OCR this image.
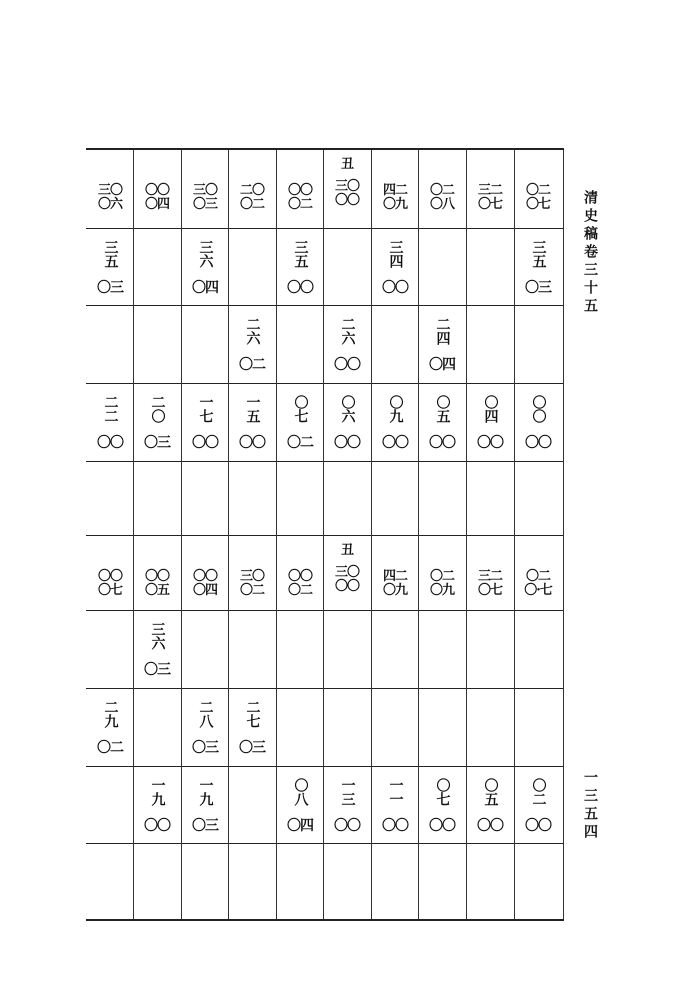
三〇
〇六
〇〇
〇四
三〇
〇三
二〇
〇二
〇〇
〇二
丑
三〇
〇〇
四二
〇九
〇二
〇八
三二
〇七
〇二
〇七
三五
〇三
三六
〇四
三五
〇〇
三四
〇〇
三五
〇三
二六
〇二
二六
〇〇
二四
〇四
二二
〇〇
二〇
〇三
一七
〇〇
一五
〇〇
〇七
〇二
〇六
〇〇
〇九
〇〇
〇五
〇〇
〇四
〇〇
〇〇
〇〇
〇〇
〇七
〇〇
〇五
〇〇
〇四
三〇
〇二
〇〇
〇二
丑
三〇
〇〇
四二
〇九
〇二
〇九
三二
〇七
〇二
〇·七
三六
〇三
二九
〇二
二八
〇三
二七
〇三
一九
〇〇
一九
〇三
〇八
〇四
一三
〇〇
一一
〇〇
〇七
〇〇
〇五
〇〇
〇二
〇〇
清史稿卷三十五
一三五四
